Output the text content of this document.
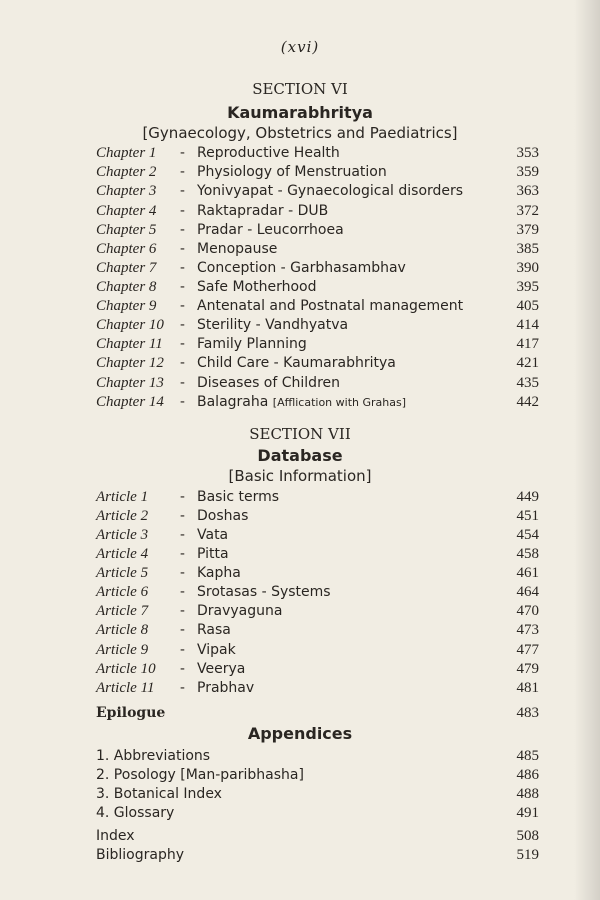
(xvi)
SECTION VI
Kaumarabhritya
[Gynaecology, Obstetrics and Paediatrics]
Chapter 1 - Reproductive Health	353
Chapter 2 - Physiology of Menstruation	359
Chapter 3 - Yonivyapat - Gynaecological disorders	363
Chapter 4 - Raktapradar - DUB	372
Chapter 5 - Pradar - Leucorrhoea	379
Chapter 6 - Menopause	385
Chapter 7 - Conception - Garbhasambhav	390
Chapter 8 - Safe Motherhood	395
Chapter 9 - Antenatal and Postnatal management	405
Chapter 10 - Sterility - Vandhyatva	414
Chapter 11 - Family Planning	417
Chapter 12 - Child Care - Kaumarabhritya	421
Chapter 13 - Diseases of Children	435
Chapter 14 - Balagraha [Afflication with Grahas]	442
SECTION VII
Database
[Basic Information]
Article 1 - Basic terms	449
Article 2 - Doshas	451
Article 3 - Vata	454
Article 4 - Pitta	458
Article 5 - Kapha	461
Article 6 - Srotasas - Systems	464
Article 7 - Dravyaguna	470
Article 8 - Rasa	473
Article 9 - Vipak	477
Article 10 - Veerya	479
Article 11 - Prabhav	481
Epilogue	483
Appendices
1. Abbreviations	485
2. Posology [Man-paribhasha]	486
3. Botanical Index	488
4. Glossary	491
Index	508
Bibliography	519
